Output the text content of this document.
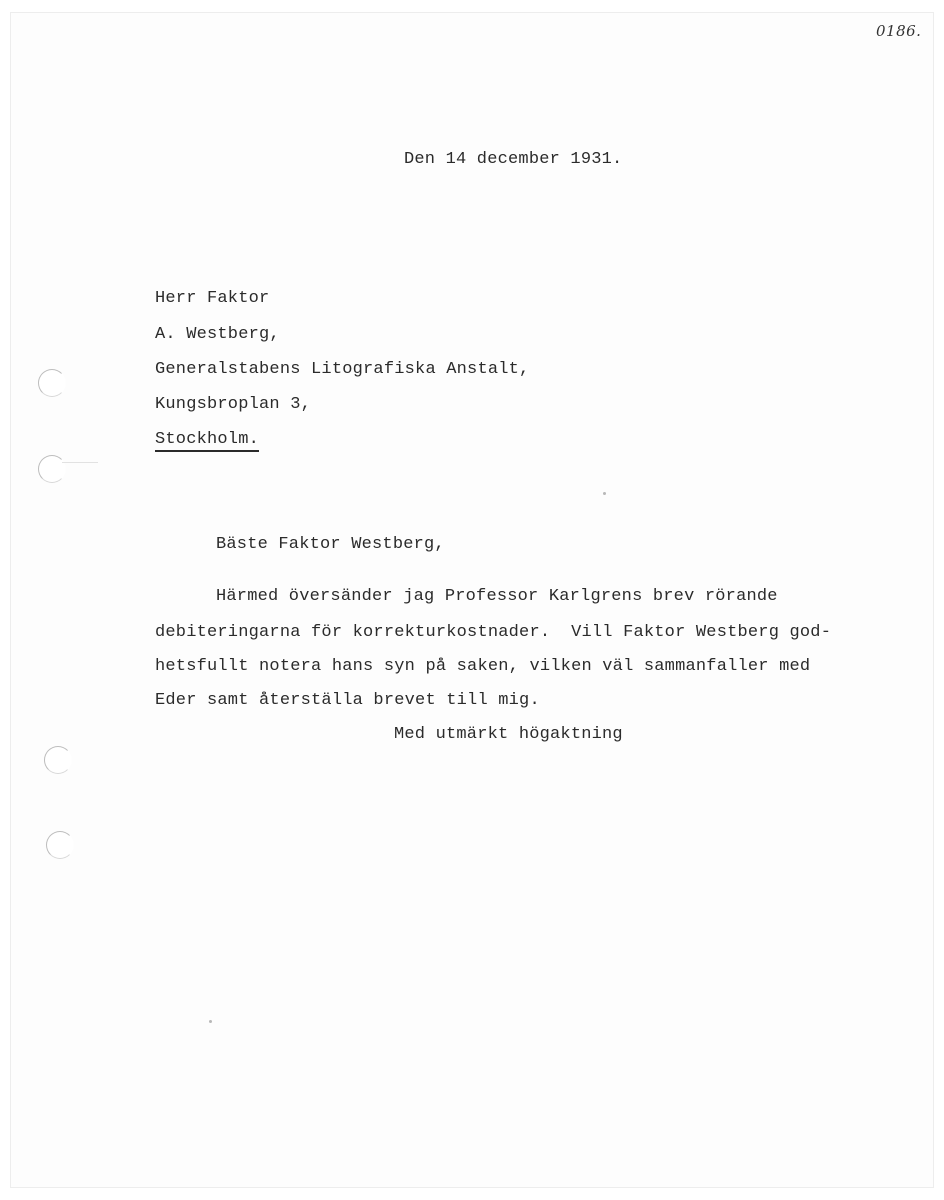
0186.
Den 14 december 1931.
Herr Faktor
A. Westberg,
Generalstabens Litografiska Anstalt,
Kungsbroplan 3,
Stockholm.
Bäste Faktor Westberg,
Härmed översänder jag Professor Karlgrens brev rörande
debiteringarna för korrekturkostnader.  Vill Faktor Westberg god-
hetsfullt notera hans syn på saken, vilken väl sammanfaller med
Eder samt återställa brevet till mig.
Med utmärkt högaktning
